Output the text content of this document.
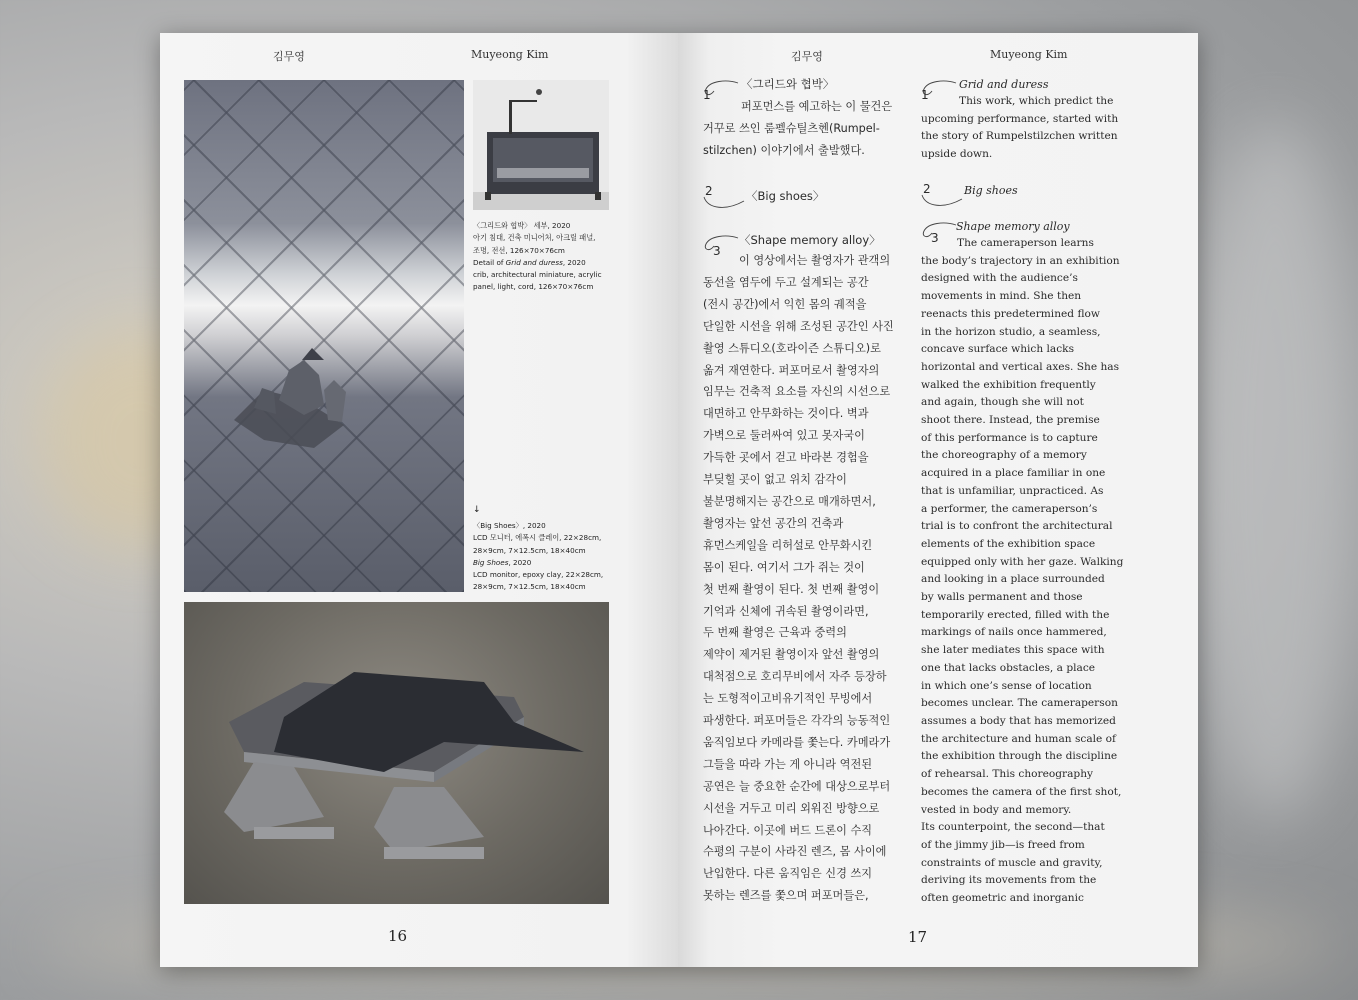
김무영	Muyeong Kim
〈그리드와 협박〉 세부, 2020
아기 침대, 건축 미니어처, 아크릴 패널,
조명, 전선, 126×70×76cm
Detail of Grid and duress, 2020
crib, architectural miniature, acrylic
panel, light, cord, 126×70×76cm
↓
〈Big Shoes〉, 2020
LCD 모니터, 에폭시 클레이, 22×28cm,
28×9cm, 7×12.5cm, 18×40cm
Big Shoes, 2020
LCD monitor, epoxy clay, 22×28cm,
28×9cm, 7×12.5cm, 18×40cm
16
김무영	Muyeong Kim
1
〈그리드와 협박〉
퍼포먼스를 예고하는 이 물건은
거꾸로 쓰인 룸펠슈틸츠헨(Rumpel-
stilzchen) 이야기에서 출발했다.
1
Grid and duress
This work, which predict the
upcoming performance, started with
the story of Rumpelstilzchen written
upside down.
2	〈Big shoes〉	2	Big shoes
3
〈Shape memory alloy〉
이 영상에서는 촬영자가 관객의
동선을 염두에 두고 설계되는 공간
(전시 공간)에서 익힌 몸의 궤적을
단일한 시선을 위해 조성된 공간인 사진
촬영 스튜디오(호라이즌 스튜디오)로
옮겨 재연한다. 퍼포머로서 촬영자의
임무는 건축적 요소를 자신의 시선으로
대면하고 안무화하는 것이다. 벽과
가벽으로 둘러싸여 있고 못자국이
가득한 곳에서 걷고 바라본 경험을
부딪힐 곳이 없고 위치 감각이
불분명해지는 공간으로 매개하면서,
촬영자는 앞선 공간의 건축과
휴먼스케일을 리허설로 안무화시킨
몸이 된다. 여기서 그가 쥐는 것이
첫 번째 촬영이 된다. 첫 번째 촬영이
기억과 신체에 귀속된 촬영이라면,
두 번째 촬영은 근육과 중력의
제약이 제거된 촬영이자 앞선 촬영의
대척점으로 호리무비에서 자주 등장하
는 도형적이고비유기적인 무빙에서
파생한다. 퍼포머들은 각각의 능동적인
움직임보다 카메라를 쫓는다. 카메라가
그들을 따라 가는 게 아니라 역전된
공연은 늘 중요한 순간에 대상으로부터
시선을 거두고 미리 외워진 방향으로
나아간다. 이곳에 버드 드론이 수직
수평의 구분이 사라진 렌즈, 몸 사이에
난입한다. 다른 움직임은 신경 쓰지
못하는 렌즈를 쫓으며 퍼포머들은,
3
Shape memory alloy
The cameraperson learns
the body’s trajectory in an exhibition
designed with the audience’s
movements in mind. She then
reenacts this predetermined flow
in the horizon studio, a seamless,
concave surface which lacks
horizontal and vertical axes. She has
walked the exhibition frequently
and again, though she will not
shoot there. Instead, the premise
of this performance is to capture
the choreography of a memory
acquired in a place familiar in one
that is unfamiliar, unpracticed. As
a performer, the cameraperson’s
trial is to confront the architectural
elements of the exhibition space
equipped only with her gaze. Walking
and looking in a place surrounded
by walls permanent and those
temporarily erected, filled with the
markings of nails once hammered,
she later mediates this space with
one that lacks obstacles, a place
in which one’s sense of location
becomes unclear. The cameraperson
assumes a body that has memorized
the architecture and human scale of
the exhibition through the discipline
of rehearsal. This choreography
becomes the camera of the first shot,
vested in body and memory.
Its counterpoint, the second—that
of the jimmy jib—is freed from
constraints of muscle and gravity,
deriving its movements from the
often geometric and inorganic
17
